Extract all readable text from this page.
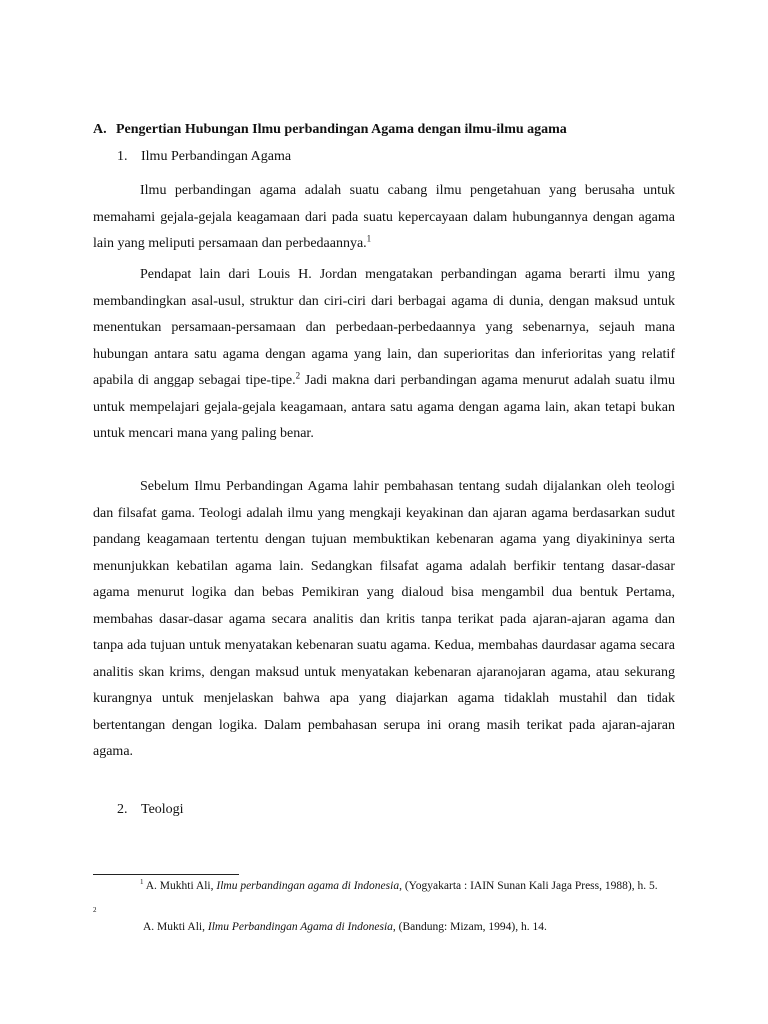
A. Pengertian Hubungan Ilmu perbandingan Agama dengan ilmu-ilmu agama
1. Ilmu Perbandingan Agama

Ilmu perbandingan agama adalah suatu cabang ilmu pengetahuan yang berusaha untuk memahami gejala-gejala keagamaan dari pada suatu kepercayaan dalam hubungannya dengan agama lain yang meliputi persamaan dan perbedaannya.$^1$

Pendapat lain dari Louis H. Jordan mengatakan perbandingan agama berarti ilmu yang membandingkan asal-usul, struktur dan ciri-ciri dari berbagai agama di dunia, dengan maksud untuk menentukan persamaan-persamaan dan perbedaan-perbedaannya yang sebenarnya, sejauh mana hubungan antara satu agama dengan agama yang lain, dan superioritas dan inferioritas yang relatif apabila di anggap sebagai tipe-tipe.$^2$ Jadi makna dari perbandingan agama menurut adalah suatu ilmu untuk mempelajari gejala-gejala keagamaan, antara satu agama dengan agama lain, akan tetapi bukan untuk mencari mana yang paling benar.

Sebelum Ilmu Perbandingan Agama lahir pembahasan tentang sudah dijalankan oleh teologi dan filsafat gama. Teologi adalah ilmu yang mengkaji keyakinan dan ajaran agama berdasarkan sudut pandang keagamaan tertentu dengan tujuan membuktikan kebenaran agama yang diyakininya serta menunjukkan kebatilan agama lain. Sedangkan filsafat agama adalah berfikir tentang dasar-dasar agama menurut logika dan bebas Pemikiran yang dialoud bisa mengambil dua bentuk Pertama, membahas dasar-dasar agama secara analitis dan kritis tanpa terikat pada ajaran-ajaran agama dan tanpa ada tujuan untuk menyatakan kebenaran suatu agama. Kedua, membahas daurdasar agama secara analitis skan krims, dengan maksud untuk menyatakan kebenaran ajaranojaran agama, atau sekurang kurangnya untuk menjelaskan bahwa apa yang diajarkan agama tidaklah mustahil dan tidak bertentangan dengan logika. Dalam pembahasan serupa ini orang masih terikat pada ajaran-ajaran agama.

2. Teologi

$^1$ A. Mukhti Ali, Ilmu perbandingan agama di Indonesia, (Yogyakarta : IAIN Sunan Kali Jaga Press, 1988), h. 5.

$^2$

A. Mukti Ali, Ilmu Perbandingan Agama di Indonesia, (Bandung: Mizam, 1994), h. 14.
